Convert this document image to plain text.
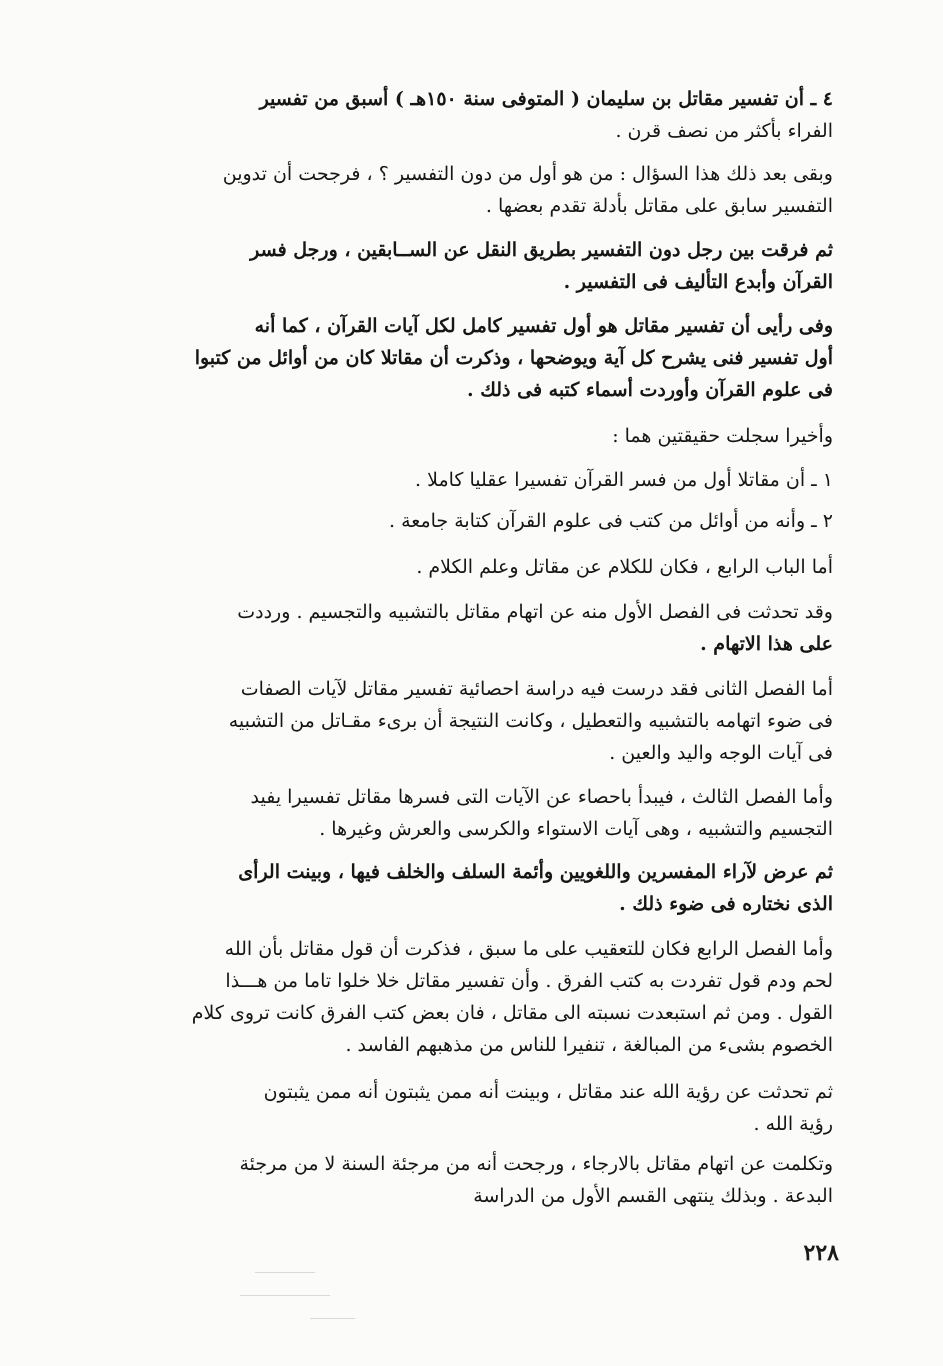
٤ ـ أن تفسير مقاتل بن سليمان ( المتوفى سنة ١٥٠هـ ) أسبق من تفسير
الفراء بأكثر من نصف قرن .
وبقى بعد ذلك هذا السؤال : من هو أول من دون التفسير ؟ ، فرجحت أن تدوين
التفسير سابق على مقاتل بأدلة تقدم بعضها .
ثم فرقت بين رجل دون التفسير بطريق النقل عن الســابقين ، ورجل فسر
القرآن وأبدع التأليف فى التفسير .
وفى رأيى أن تفسير مقاتل هو أول تفسير كامل لكل آيات القرآن ، كما أنه
أول تفسير فنى يشرح كل آية ويوضحها ، وذكرت أن مقاتلا كان من أوائل من كتبوا
فى علوم القرآن وأوردت أسماء كتبه فى ذلك .
وأخيرا سجلت حقيقتين هما :
١ ـ أن مقاتلا أول من فسر القرآن تفسيرا عقليا كاملا .
٢ ـ وأنه من أوائل من كتب فى علوم القرآن كتابة جامعة .
أما الباب الرابع ، فكان للكلام عن مقاتل وعلم الكلام .
وقد تحدثت فى الفصل الأول منه عن اتهام مقاتل بالتشبيه والتجسيم . ورددت
على هذا الاتهام .
أما الفصل الثانى فقد درست فيه دراسة احصائية تفسير مقاتل لآيات الصفات
فى ضوء اتهامه بالتشبيه والتعطيل ، وكانت النتيجة أن برىء مقـاتل من التشبيه
فى آيات الوجه واليد والعين .
وأما الفصل الثالث ، فيبدأ باحصاء عن الآيات التى فسرها مقاتل تفسيرا يفيد
التجسيم والتشبيه ، وهى آيات الاستواء والكرسى والعرش وغيرها .
ثم عرض لآراء المفسرين واللغويين وأئمة السلف والخلف فيها ، وبينت الرأى
الذى نختاره فى ضوء ذلك .
وأما الفصل الرابع فكان للتعقيب على ما سبق ، فذكرت أن قول مقاتل بأن الله
لحم ودم قول تفردت به كتب الفرق . وأن تفسير مقاتل خلا خلوا تاما من هـــذا
القول . ومن ثم استبعدت نسبته الى مقاتل ، فان بعض كتب الفرق كانت تروى كلام
الخصوم بشىء من المبالغة ، تنفيرا للناس من مذهبهم الفاسد .
ثم تحدثت عن رؤية الله عند مقاتل ، وبينت أنه ممن يثبتون أنه ممن يثبتون
رؤية الله .
وتكلمت عن اتهام مقاتل بالارجاء ، ورجحت أنه من مرجئة السنة لا من مرجئة
البدعة . وبذلك ينتهى القسم الأول من الدراسة
٢٢٨
